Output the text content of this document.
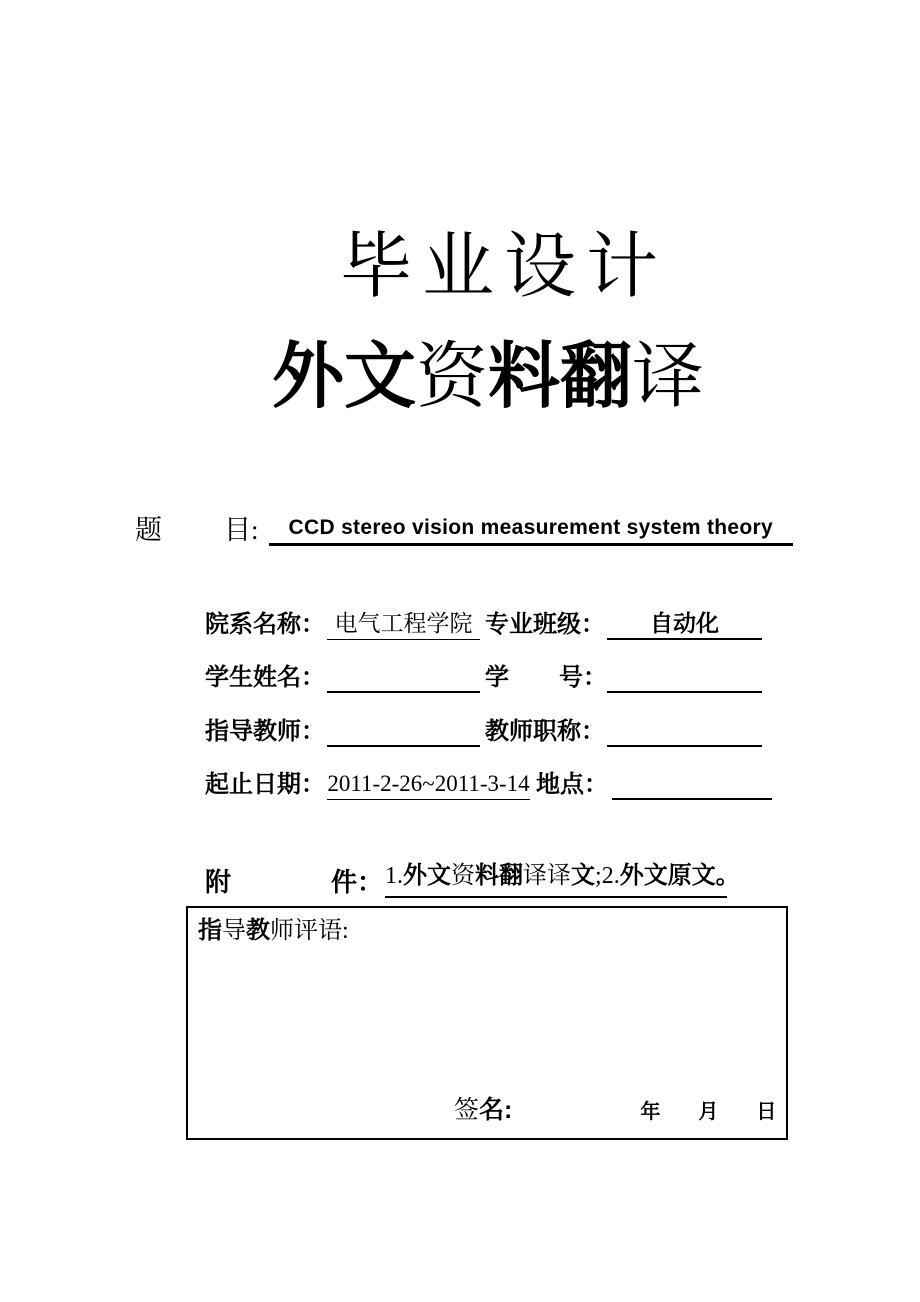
毕业设计
外文资料翻译
题 目:	CCD stereo vision measurement system theory
院系名称： 电气工程学院 专业班级： 自动化
学生姓名：	学 号：
指导教师：	教师职称：
起止日期： 2011-2-26~2011-3-14 地点：
附	件： 1.外文资料翻译译文;2.外文原文。
指导教师评语:
签 名:	年 月 日
